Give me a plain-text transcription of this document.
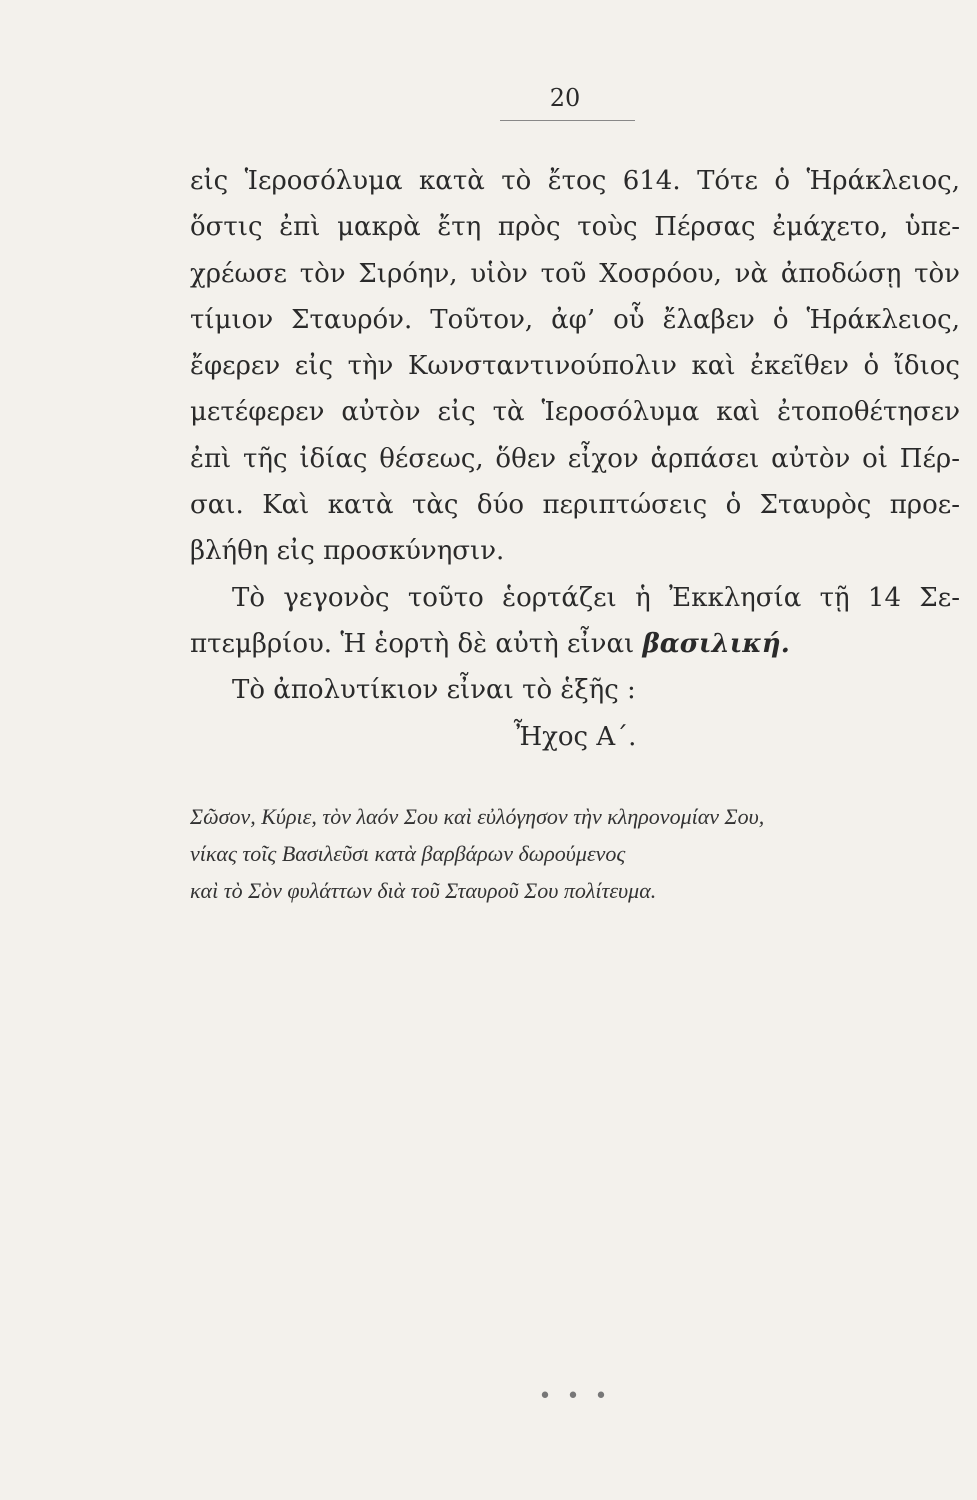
20
εἰς Ἱεροσόλυμα κατὰ τὸ ἔτος 614. Τότε ὁ Ἡράκλειος,
ὅστις ἐπὶ μακρὰ ἔτη πρὸς τοὺς Πέρσας ἐμάχετο, ὑπε-
χρέωσε τὸν Σιρόην, υἱὸν τοῦ Χοσρόου, νὰ ἀποδώσῃ τὸν
τίμιον Σταυρόν. Τοῦτον, ἀφ’ οὗ ἔλαβεν ὁ Ἡράκλειος,
ἔφερεν εἰς τὴν Κωνσταντινούπολιν καὶ ἐκεῖθεν ὁ ἴδιος
μετέφερεν αὐτὸν εἰς τὰ Ἱεροσόλυμα καὶ ἐτοποθέτησεν
ἐπὶ τῆς ἰδίας θέσεως, ὅθεν εἶχον ἁρπάσει αὐτὸν οἱ Πέρ-
σαι. Καὶ κατὰ τὰς δύο περιπτώσεις ὁ Σταυρὸς προε-
βλήθη εἰς προσκύνησιν.
Τὸ γεγονὸς τοῦτο ἑορτάζει ἡ Ἐκκλησία τῇ 14 Σε-
πτεμβρίου. Ἡ ἑορτὴ δὲ αὐτὴ εἶναι βασιλική.
Τὸ ἀπολυτίκιον εἶναι τὸ ἑξῆς :
Ἦχος Α΄.
Σῶσον, Κύριε, τὸν λαόν Σου καὶ εὐλόγησον τὴν κληρονομίαν Σου,
νίκας τοῖς Βασιλεῦσι κατὰ βαρβάρων δωρούμενος
καὶ τὸ Σὸν φυλάττων διὰ τοῦ Σταυροῦ Σου πολίτευμα.
• • •
